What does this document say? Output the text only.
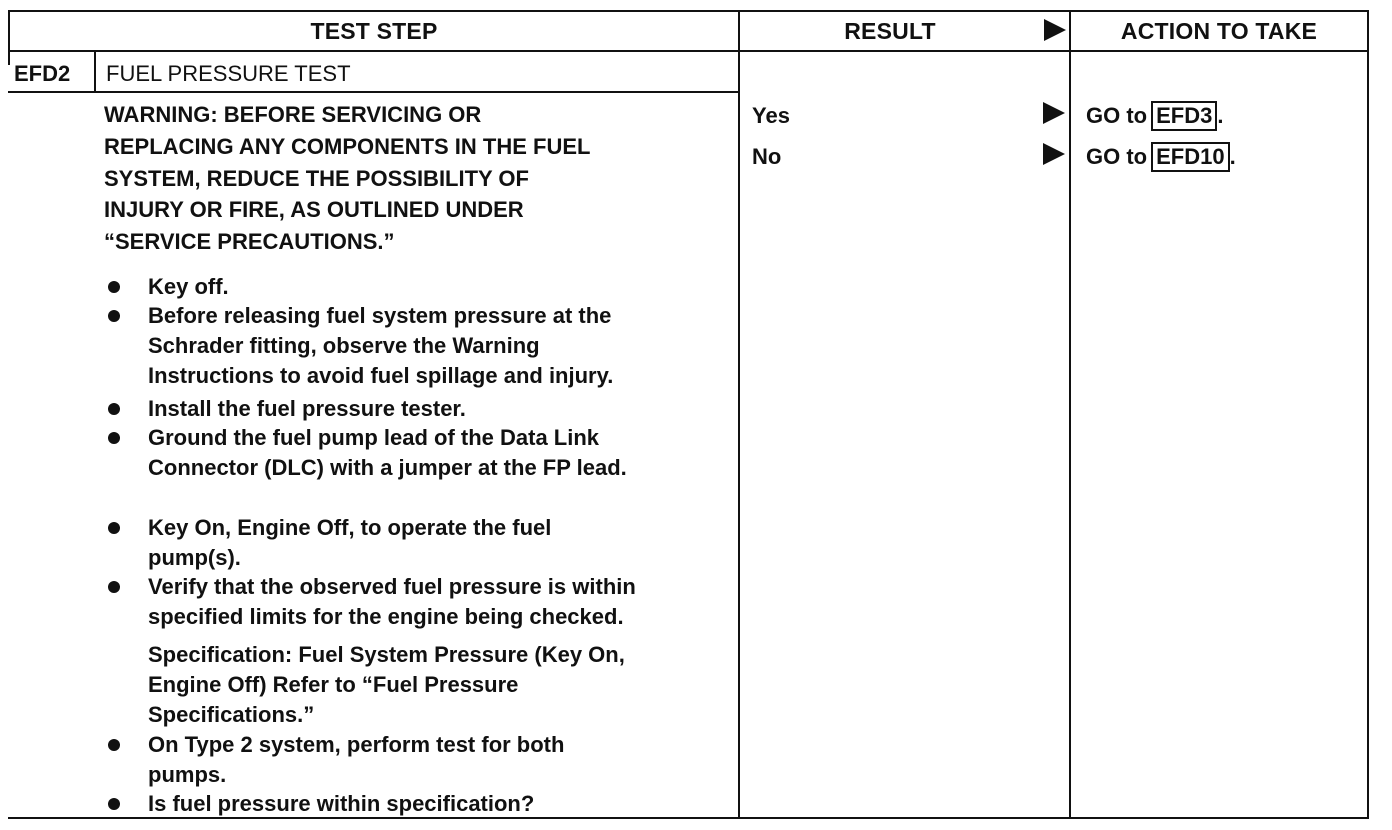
TEST STEP	RESULT	ACTION TO TAKE
EFD2 FUEL PRESSURE TEST
WARNING: BEFORE SERVICING OR
REPLACING ANY COMPONENTS IN THE FUEL
SYSTEM, REDUCE THE POSSIBILITY OF
INJURY OR FIRE, AS OUTLINED UNDER
“SERVICE PRECAUTIONS.”
Key off.
Before releasing fuel system pressure at the
Schrader fitting, observe the Warning
Instructions to avoid fuel spillage and injury.
Install the fuel pressure tester.
Ground the fuel pump lead of the Data Link
Connector (DLC) with a jumper at the FP lead.
Key On, Engine Off, to operate the fuel
pump(s).
Verify that the observed fuel pressure is within
specified limits for the engine being checked.
Specification: Fuel System Pressure (Key On,
Engine Off) Refer to “Fuel Pressure
Specifications.”
On Type 2 system, perform test for both
pumps.
Is fuel pressure within specification?
Yes	GO to EFD3 .
No	GO to EFD10 .
